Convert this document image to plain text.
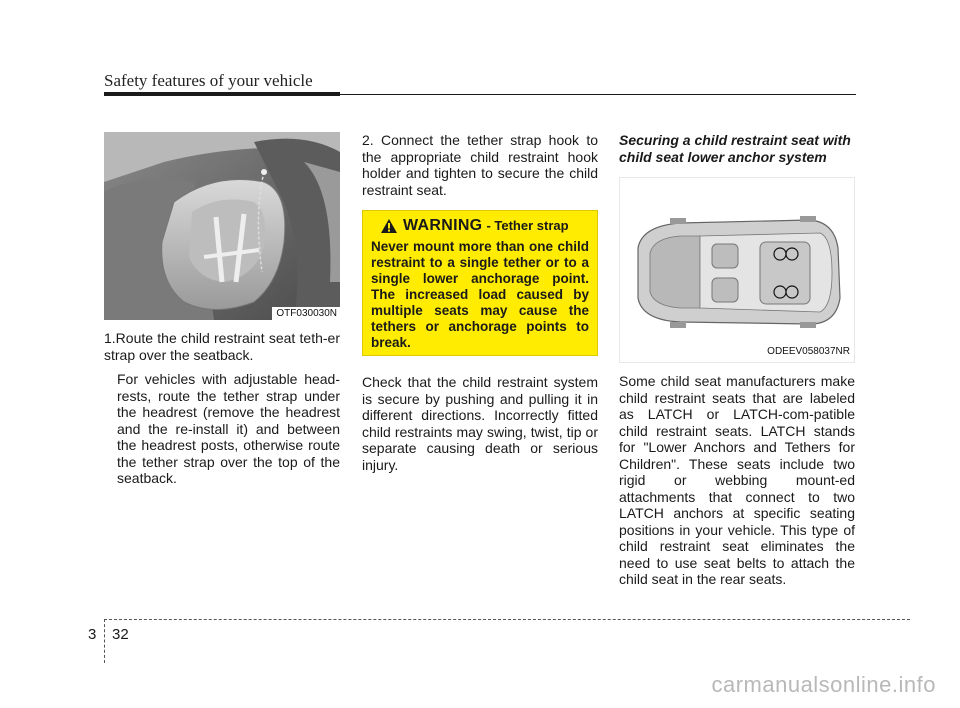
Safety features of your vehicle
OTF030030N

1.Route the child restraint seat teth-er strap over the seatback.

For vehicles with adjustable head-rests, route the tether strap under the headrest (remove the headrest and the re-install it) and between the headrest posts, otherwise route the tether strap over the top of the seatback.

2. Connect the tether strap hook to the appropriate child restraint hook holder and tighten to secure the child restraint seat.

WARNING - Tether strap
Never mount more than one child restraint to a single tether or to a single lower anchorage point. The increased load caused by multiple seats may cause the tethers or anchorage points to break.

Check that the child restraint system is secure by pushing and pulling it in different directions. Incorrectly fitted child restraints may swing, twist, tip or separate causing death or serious injury.

Securing a child restraint seat with child seat lower anchor system

ODEEV058037NR

Some child seat manufacturers make child restraint seats that are labeled as LATCH or LATCH-com-patible child restraint seats. LATCH stands for "Lower Anchors and Tethers for Children". These seats include two rigid or webbing mount-ed attachments that connect to two LATCH anchors at specific seating positions in your vehicle. This type of child restraint seat eliminates the need to use seat belts to attach the child seat in the rear seats.

3 32
carmanualsonline.info
